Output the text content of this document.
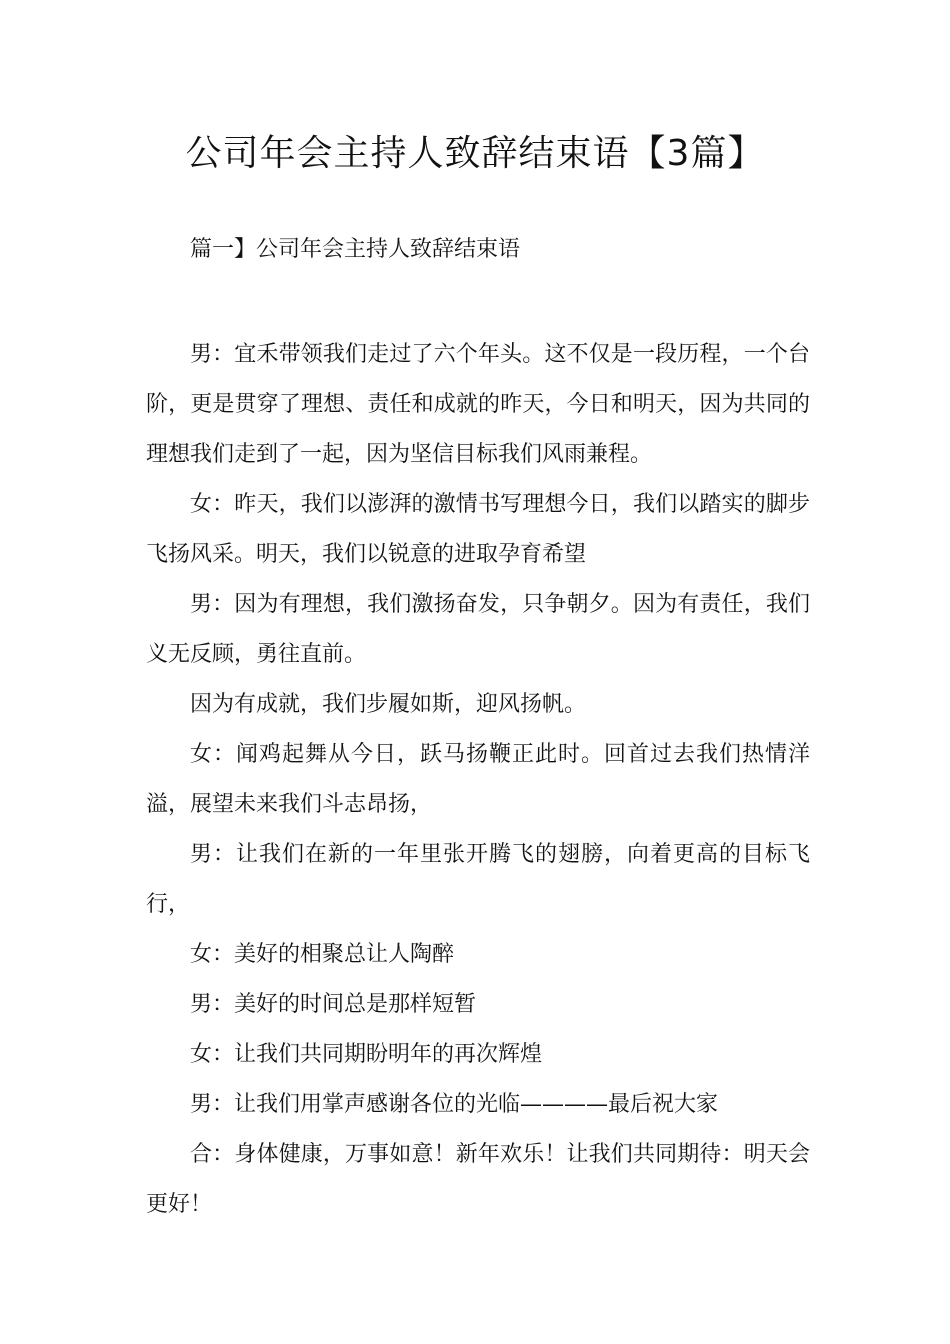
公司年会主持人致辞结束语【3篇】
篇一】公司年会主持人致辞结束语

男：宜禾带领我们走过了六个年头。这不仅是一段历程，一个台阶，更是贯穿了理想、责任和成就的昨天，今日和明天，因为共同的理想我们走到了一起，因为坚信目标我们风雨兼程。

女：昨天，我们以澎湃的激情书写理想今日，我们以踏实的脚步飞扬风采。明天，我们以锐意的进取孕育希望

男：因为有理想，我们激扬奋发，只争朝夕。因为有责任，我们义无反顾，勇往直前。

因为有成就，我们步履如斯，迎风扬帆。

女：闻鸡起舞从今日，跃马扬鞭正此时。回首过去我们热情洋溢，展望未来我们斗志昂扬，

男：让我们在新的一年里张开腾飞的翅膀，向着更高的目标飞行，

女：美好的相聚总让人陶醉

男：美好的时间总是那样短暂

女：让我们共同期盼明年的再次辉煌

男：让我们用掌声感谢各位的光临————最后祝大家

合：身体健康，万事如意！新年欢乐！让我们共同期待：明天会更好！
